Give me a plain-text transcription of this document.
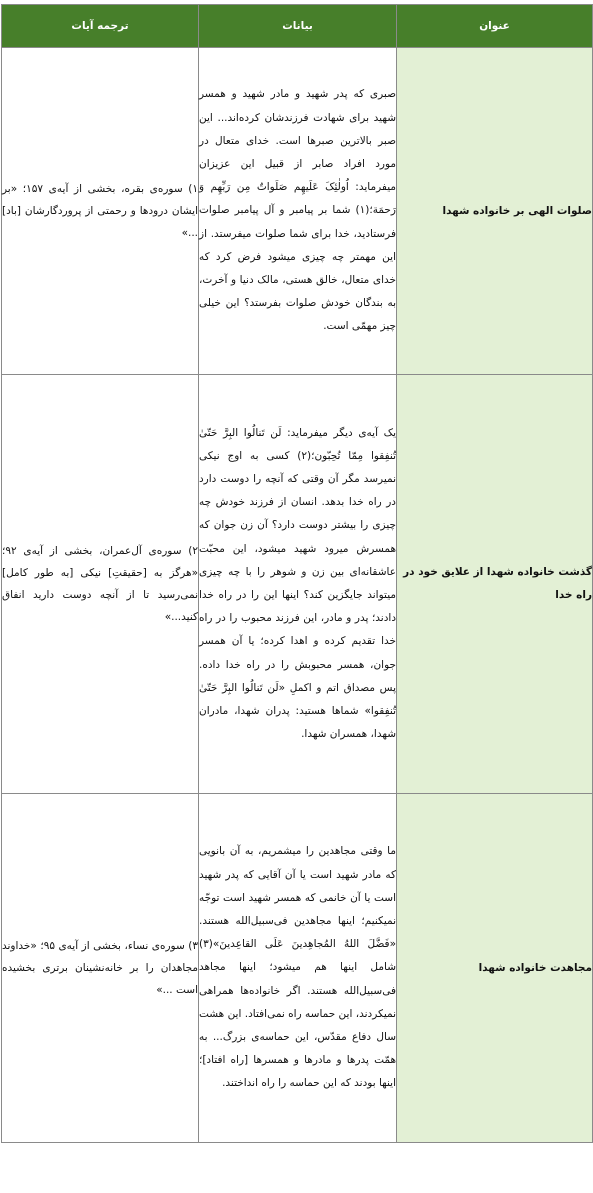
عنوان	بیانات	ترجمه آیات

صلوات الهی بر خانواده شهدا	صبری که پدر شهید و مادر شهید و همسر شهید برای شهادت فرزندشان کرده‌اند... این صبر بالاترین صبرها است. خدای متعال در مورد افراد صابر از قبیل این عزیزان میفرماید: اُولٰئِکَ عَلَیهِم صَلَواتٌ مِن رَبِّهِم وَ رَحمَة؛(۱) شما بر پیامبر و آل پیامبر صلوات فرستادید، خدا برای شما صلوات میفرستد. از این مهمتر چه چیزی میشود فرض کرد که خدای متعال، خالق هستی، مالک دنیا و آخرت، به بندگان خودش صلوات بفرستد؟ این خیلی چیز مهمّی است.	۱) سوره‌ی بقره، بخشی از آیه‌ی ۱۵۷؛ «بر ایشان درودها و رحمتی از پروردگارشان [باد] ...»

گذشت خانواده شهدا از علایق خود در راه خدا	یک آیه‌ی دیگر میفرماید: لَن تَنالُوا البِرَّ حَتّیٰ تُنفِقوا مِمّا تُحِبّون؛(۲) کسی به اوج نیکی نمیرسد مگر آن وقتی که آنچه را دوست دارد در راه خدا بدهد. انسان از فرزند خودش چه چیزی را بیشتر دوست دارد؟ آن زن جوان که همسرش میرود شهید میشود، این محبّت عاشقانه‌ای بین زن و شوهر را با چه چیزی میتواند جایگزین کند؟ اینها این را در راه خدا دادند؛ پدر و مادر، این فرزند محبوب را در راه خدا تقدیم کرده و اهدا کرده؛ یا آن همسر جوان، همسر محبوبش را در راه خدا داده. پس مصداق اتم و اکملِ «لَن تَنالُوا البِرَّ حَتّیٰ تُنفِقوا» شماها هستید: پدران شهدا، مادران شهدا، همسران شهدا.	۲) سوره‌ی آل‌عمران، بخشی از آیه‌ی ۹۲؛ «هرگز به [حقیقتِ] نیکی [به طور کامل] نمی‌رسید تا از آنچه دوست دارید انفاق کنید...»

مجاهدت خانواده شهدا	ما وقتی مجاهدین را میشمریم، به آن بانویی که مادر شهید است یا آن آقایی که پدر شهید است یا آن خانمی که همسر شهید است توجّه نمیکنیم؛ اینها مجاهدین فی‌سبیل‌الله هستند. «فَضَّلَ اللهُ المُجاهِدينَ عَلَى القاعِدينَ»(۳) شامل اینها هم میشود؛ اینها مجاهد فی‌سبیل‌الله هستند. اگر خانواده‌ها همراهی نمیکردند، این حماسه راه نمی‌افتاد. این هشت سال دفاع مقدّس، این حماسه‌ی بزرگ... به همّت پدرها و مادرها و همسرها [راه افتاد]؛ اینها بودند که این حماسه را راه انداختند.	۳) سوره‌ی نساء، بخشی از آیه‌ی ۹۵؛ «خداوند مجاهدان را بر خانه‌نشینان برتری بخشیده است ...»
